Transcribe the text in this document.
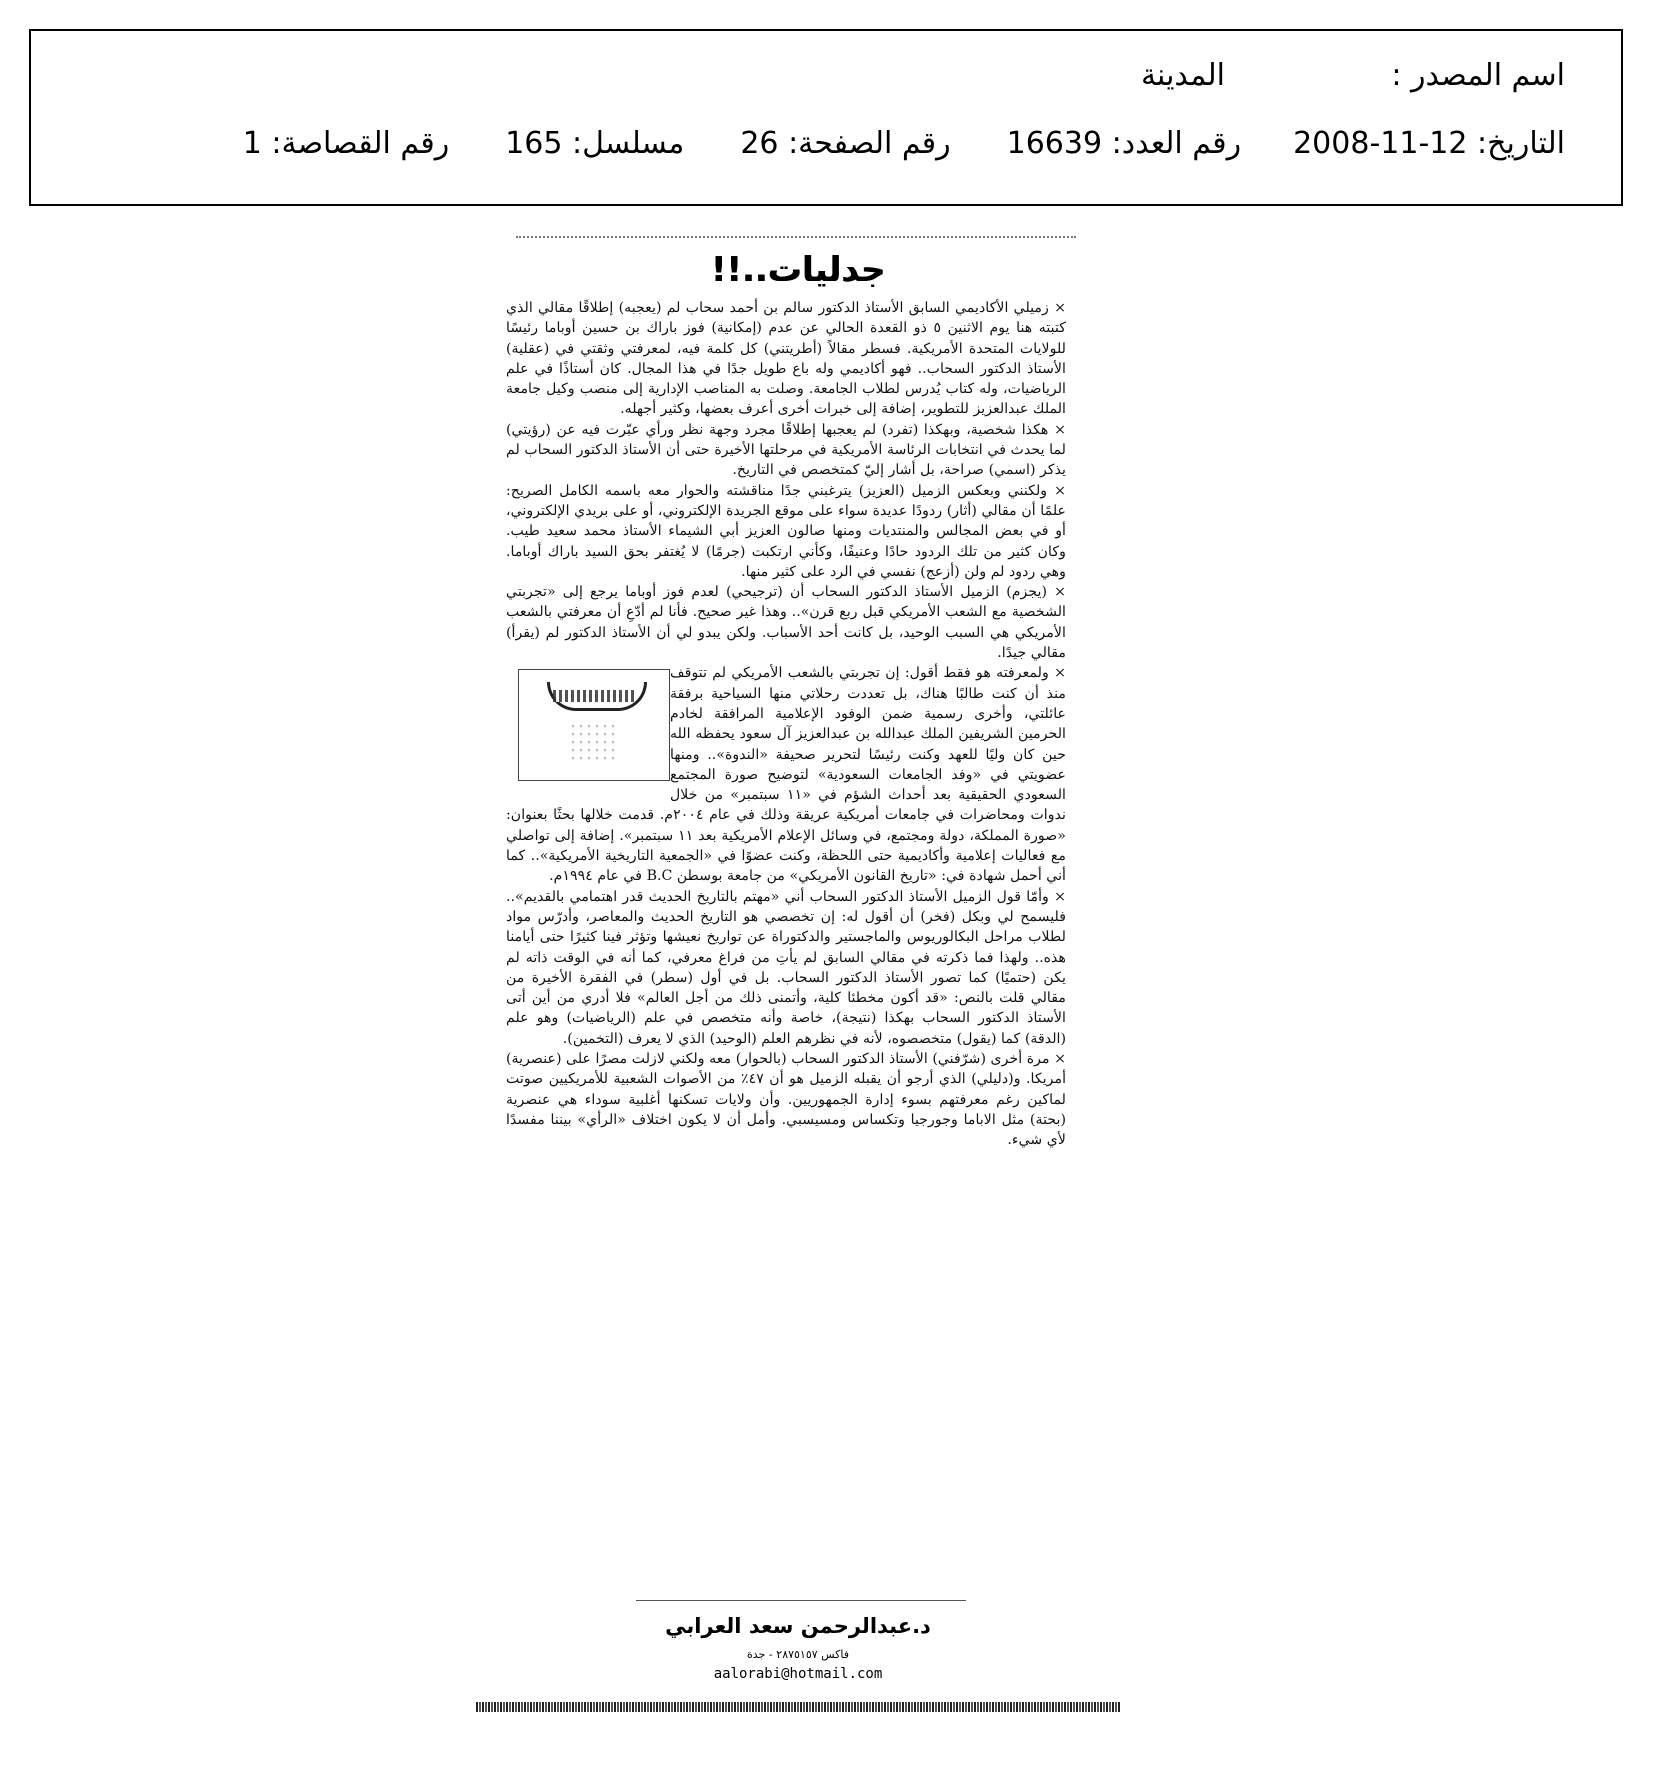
اسم المصدر :
المدينة
التاريخ: 12-11-2008
رقم العدد: 16639
رقم الصفحة: 26
مسلسل: 165
رقم القصاصة: 1
جدليات..!!

× زميلي الأكاديمي السابق الأستاذ الدكتور سالم بن أحمد سحاب لم (يعجبه) إطلاقًا مقالي الذي كتبته هنا يوم الاثنين ٥ ذو القعدة الحالي عن عدم (إمكانية) فوز باراك بن حسين أوباما رئيسًا للولايات المتحدة الأمريكية. فسطر مقالاً (أطريتني) كل كلمة فيه، لمعرفتي وثقتي في (عقلية) الأستاذ الدكتور السحاب.. فهو أكاديمي وله باع طويل جدًا في هذا المجال. كان أستاذًا في علم الرياضيات، وله كتاب يُدرس لطلاب الجامعة. وصلت به المناصب الإدارية إلى منصب وكيل جامعة الملك عبدالعزيز للتطوير، إضافة إلى خبرات أخرى أعرف بعضها، وكثير أجهله.

× هكذا شخصية، وبهكذا (تفرد) لم يعجبها إطلاقًا مجرد وجهة نظر ورأي عبّرت فيه عن (رؤيتي) لما يحدث في انتخابات الرئاسة الأمريكية في مرحلتها الأخيرة حتى أن الأستاذ الدكتور السحاب لم يذكر (اسمي) صراحة، بل أشار إليّ كمتخصص في التاريخ.

× ولكنني وبعكس الزميل (العزيز) يترغبني جدًا مناقشته والحوار معه باسمه الكامل الصريح: علمًا أن مقالي (أثار) ردودًا عديدة سواء على موقع الجريدة الإلكتروني، أو على بريدي الإلكتروني، أو في بعض المجالس والمنتديات ومنها صالون العزيز أبي الشيماء الأستاذ محمد سعيد طيب. وكان كثير من تلك الردود حادًا وعنيفًا، وكأني ارتكبت (جرمًا) لا يُغتفر بحق السيد باراك أوباما. وهي ردود لم ولن (أزعج) نفسي في الرد على كثير منها.

× (يجزم) الزميل الأستاذ الدكتور السحاب أن (ترجيحي) لعدم فوز أوباما يرجع إلى «تجربتي الشخصية مع الشعب الأمريكي قبل ربع قرن».. وهذا غير صحيح. فأنا لم أدّعِ أن معرفتي بالشعب الأمريكي هي السبب الوحيد، بل كانت أحد الأسباب. ولكن يبدو لي أن الأستاذ الدكتور لم (يقرأ) مقالي جيدًا.

× ولمعرفته هو فقط أقول: إن تجربتي بالشعب الأمريكي لم تتوقف منذ أن كنت طالبًا هناك، بل تعددت رحلاتي منها السياحية برفقة عائلتي، وأخرى رسمية ضمن الوفود الإعلامية المرافقة لخادم الحرمين الشريفين الملك عبدالله بن عبدالعزيز آل سعود يحفظه الله حين كان وليًا للعهد وكنت رئيسًا لتحرير صحيفة «الندوة».. ومنها عضويتي في «وفد الجامعات السعودية» لتوضيح صورة المجتمع السعودي الحقيقية بعد أحداث الشؤم في «١١ سبتمبر» من خلال ندوات ومحاضرات في جامعات أمريكية عريقة وذلك في عام ٢٠٠٤م. قدمت خلالها بحثًا بعنوان: «صورة المملكة، دولة ومجتمع، في وسائل الإعلام الأمريكية بعد ١١ سبتمبر». إضافة إلى تواصلي مع فعاليات إعلامية وأكاديمية حتى اللحظة، وكنت عضوًا في «الجمعية التاريخية الأمريكية».. كما أني أحمل شهادة في: «تاريخ القانون الأمريكي» من جامعة بوسطن B.C في عام ١٩٩٤م.

× وأمّا قول الزميل الأستاذ الدكتور السحاب أني «مهتم بالتاريخ الحديث قدر اهتمامي بالقديم».. فليسمح لي وبكل (فخر) أن أقول له: إن تخصصي هو التاريخ الحديث والمعاصر، وأدرّس مواد لطلاب مراحل البكالوريوس والماجستير والدكتوراة عن تواريخ نعيشها وتؤثر فينا كثيرًا حتى أيامنا هذه.. ولهذا فما ذكرته في مقالي السابق لم يأتِ من فراغ معرفي، كما أنه في الوقت ذاته لم يكن (حتميًا) كما تصور الأستاذ الدكتور السحاب. بل في أول (سطر) في الفقرة الأخيرة من مقالي قلت بالنص: «قد أكون مخطئا كلية، وأتمنى ذلك من أجل العالم» فلا أدري من أين أتى الأستاذ الدكتور السحاب بهكذا (نتيجة)، خاصة وأنه متخصص في علم (الرياضيات) وهو علم (الدقة) كما (يقول) متخصصوه، لأنه في نظرهم العلم (الوحيد) الذي لا يعرف (التخمين).

× مرة أخرى (شرّفني) الأستاذ الدكتور السحاب (بالحوار) معه ولكني لازلت مصرًا على (عنصرية) أمريكا. و(دليلي) الذي أرجو أن يقبله الزميل هو أن ٤٧٪ من الأصوات الشعبية للأمريكيين صوتت لماكين رغم معرفتهم بسوء إدارة الجمهوريين. وأن ولايات تسكنها أغلبية سوداء هي عنصرية (بحتة) مثل الاباما وجورجيا وتكساس ومسيسبي. وأمل أن لا يكون اختلاف «الرأي» بيننا مفسدًا لأي شيء.

د.عبدالرحمن سعد العرابي
فاكس ٢٨٧٥١٥٧ - جدة
aalorabi@hotmail.com
